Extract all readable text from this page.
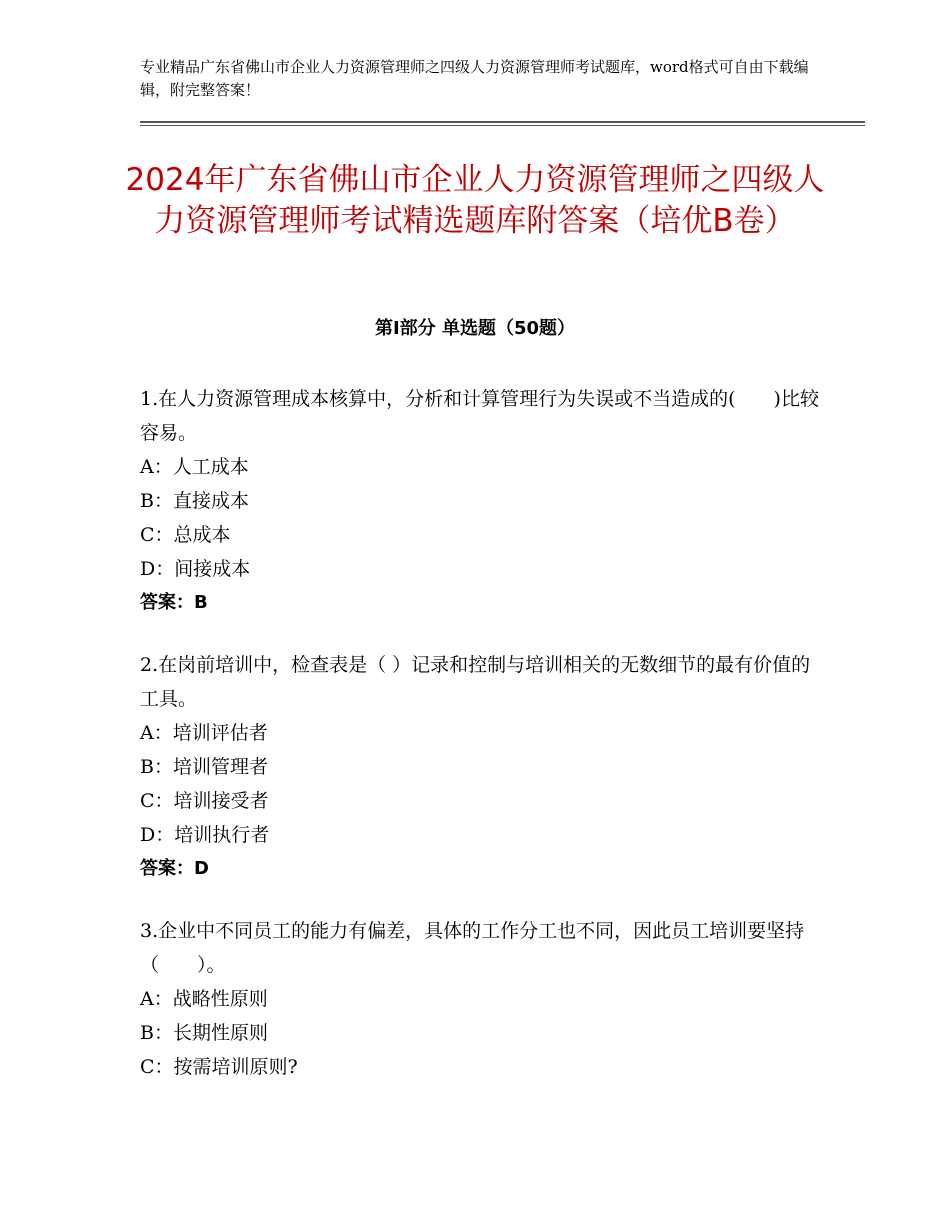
专业精品广东省佛山市企业人力资源管理师之四级人力资源管理师考试题库，word格式可自由下载编辑，附完整答案！
2024年广东省佛山市企业人力资源管理师之四级人力资源管理师考试精选题库附答案（培优B卷）
第Ⅰ部分 单选题（50题）
1.在人力资源管理成本核算中，分析和计算管理行为失误或不当造成的(　　)比较容易。
A：人工成本
B：直接成本
C：总成本
D：间接成本
答案：B
2.在岗前培训中，检查表是（ ）记录和控制与培训相关的无数细节的最有价值的工具。
A：培训评估者
B：培训管理者
C：培训接受者
D：培训执行者
答案：D
3.企业中不同员工的能力有偏差，具体的工作分工也不同，因此员工培训要坚持（　　）。
A：战略性原则
B：长期性原则
C：按需培训原则?
